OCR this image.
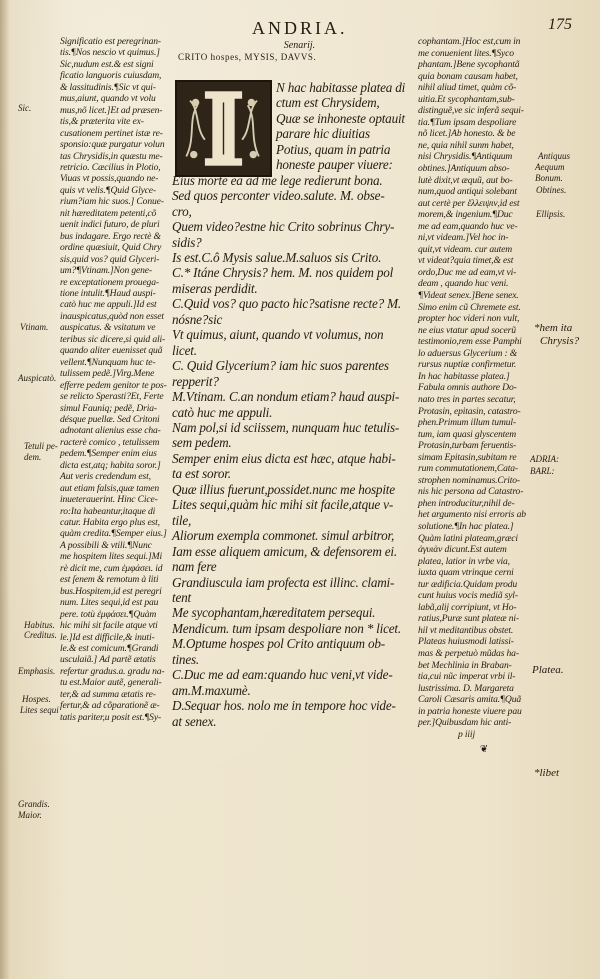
ANDRIA.	175
Sic.
Vtinam.
Auspicatò.
Tetuli pe-
dem.
Habitus.
Creditus.
Emphasis.
Hospes.
Lites sequi
Grandis.
Maior.

Significatio est peregrinan-

tis.¶Nos nescio vt quimus.]

Sic,nudum est.& est signi

ficatio languoris cuiusdam,

& lassitudinis.¶Sic vt qui-

mus,aiunt, quando vt volu

mus,nõ licet.]Et ad præsen-

tis,& præterita vite ex-

cusationem pertinet istæ re-

sponsio:quæ purgatur volun

tas Chrysidis,in quæstu me-

retricio. Cæcilius in Plotio,

Viuas vt possis,quando ne-

quis vt velis.¶Quid Glyce-

rium?iam hic suos.] Conue-

nit hæreditatem petenti,cõ

uenit indici futuro, de pluri

bus indagare. Ergo rectè &

ordine quæsiuit, Quid Chry

sis,quid vos? quid Glyceri-

um?¶Vtinam.]Non gene-

re exceptationem prouega-

tione intulit.¶Haud auspi-

catò huc me appuli.]Id est

inauspicatus,quòd non esset

auspicatus. & vsitatum ve

teribus sic dicere,si quid ali-

quando aliter euenisset quã

vellent.¶Nunquam huc te-

tulissem pedẽ.]Virg.Mene

efferre pedem genitor te pos-

se relicto Sperasti?Et, Ferte

simul Fauniq; pedẽ, Dria-

désque puellæ. Sed Critoni

adnotant alienius esse cha-

racterè comico , tetulissem

pedem.¶Semper enim eius

dicta est,atq; habita soror.]

Aut veris credendum est,

aut etiam falsis,quæ tamen

inueterauerint. Hinc Cice-

ro:Ita habeantur,itaque di

catur. Habita ergo plus est,

quàm credita.¶Semper eius.]

A possibili & vtili.¶Nunc

me hospitem lites sequi.]Mi

rè dicit me, cum ἐμφάσει. id

est ſenem & remotum à liti

bus.Hospitem,id est peregri

num. Lites sequi,id est pau

pere. totù ἐμφάσει.¶Quàm

hic mihi sit facile atque vti

le.]Id est difficile,& inuti-

le.& est comicum.¶Grandi

usculaiã.] Ad partẽ ætatis

refertur gradus.a. gradu na-

tu est.Maior autẽ, generali-

ter,& ad summa ætatis re-

fertur,& ad cõparationẽ æ-

tatis pariter,u posit est.¶Sy-

Senarij.
CRITO hospes, MYSIS, DAVVS.

N hac habitasse platea di

ctum est Chrysidem,

Quæ se inhoneste optauit

parare hic diuitias

Potius, quam in patria

honeste pauper viuere:

Eius morte ea ad me lege redierunt bona.

Sed quos perconter video.salute. M. obse-

cro,

Quem video?estne hic Crito sobrinus Chry-

sidis?

Is est.C.ô Mysis salue.M.saluos sis Crito.

C.* Itáne Chrysis? hem. M. nos quidem pol

miseras perdidit.

C.Quid vos? quo pacto hic?satisne recte? M.

nósne?sic

Vt quimus, aiunt, quando vt volumus, non

licet.

C. Quid Glycerium? iam hic suos parentes

repperit?

M.Vtinam. C.an nondum etiam? haud auspi-

catò huc me appuli.

Nam pol,si id sciissem, nunquam huc tetulis-

sem pedem.

Semper enim eius dicta est hæc, atque habi-

ta est soror.

Quæ illius fuerunt,possidet.nunc me hospite

Lites sequi,quàm hic mihi sit facile,atque v-

tile,

Aliorum exempla commonet. simul arbitror,

Iam esse aliquem amicum, & defensorem ei.

nam fere

Grandiuscula iam profecta est illinc. clami-

tent

Me sycophantam,hæreditatem persequi.

Mendicum. tum ipsam despoliare non * licet.

M.Optume hospes pol Crito antiquum ob-

tines.

C.Duc me ad eam:quando huc veni,vt vide-

am.M.maxumè.

D.Sequar hos. nolo me in tempore hoc vide-

at senex.

cophantam.]Hoc est,cum in

me conuenient lites.¶Syco

phantam.]Bene sycophantã

quia bonam causam habet,

nihil aliud timet, quàm cõ-

uitia.Et sycophantam,sub-

distinguẽ,ve sic inferã sequi-

tia.¶Tum ipsam despoliare

nõ licet.]Ab honesto. & be

ne, quia nihil sunm habet,

nisi Chrysidis.¶Antiquum

obtines.]Antiquum abso-

lutè dixit,vt æquũ, aut bo-

num,quod antiqui solebant

aut certè per ἔλλειψιν,id est

morem,& ingenium.¶Duc

me ad eam,quando huc ve-

ni,vt videam.]Vel hoc in-

quit,vt videam. cur autem

vt videat?quia timet,& est

ordo,Duc me ad eam,vt vi-

deam , quando huc veni.

¶Videat senex.]Bene senex.

Simo enim cũ Chremete est.

propter hoc videri non vult,

ne eius vtatur apud socerũ

testimonio,rem esse Pamphi

lo aduersus Glycerium : &

rursus nuptiæ confirmetur.

In hac habitasse platea.]

Fabula omnis authore Do-

nato tres in partes secatur,

Protasin, epitasin, catastro-

phen.Primum illum tumul-

tum, iam quasi glyscentem

Protasin,turbam feruentis-

simam Epitasin,subitam re

rum commutationem,Cata-

strophen nominamus.Crito-

nis hic persona ad Catastro-

phen introducitur,nihil de-

het argumento nisi erroris ab

solutione.¶In hac platea.]

Quàm latini plateam,græci

ἀγυιὰν dicunt.Est autem

platea, latior in vrbe via,

iuxta quam vtrinque cerni

tur ædificia.Quidam produ

cunt huius vocis mediã syl-

labã,alij corripiunt, vt Ho-

ratius,Puræ sunt plateæ ni-

hil vt meditantibus obstet.

Plateas huiusmodi latissi-

mas & perpetuò mũdas ha-

bet Mechlinia in Braban-

tia,cui nũc imperat vrbi il-

lustrissima. D. Margareta

Caroli Cæsaris amita.¶Quã

in patria honeste viuere pau

per.]Quibusdam hic anti-

p iiij

❦

Antiquus
Aequum
Bonum.
Ellipsis.
Obtines.
*hem ita
Chrysis?
ADRIA:
BARL:
Platea.
*libet
